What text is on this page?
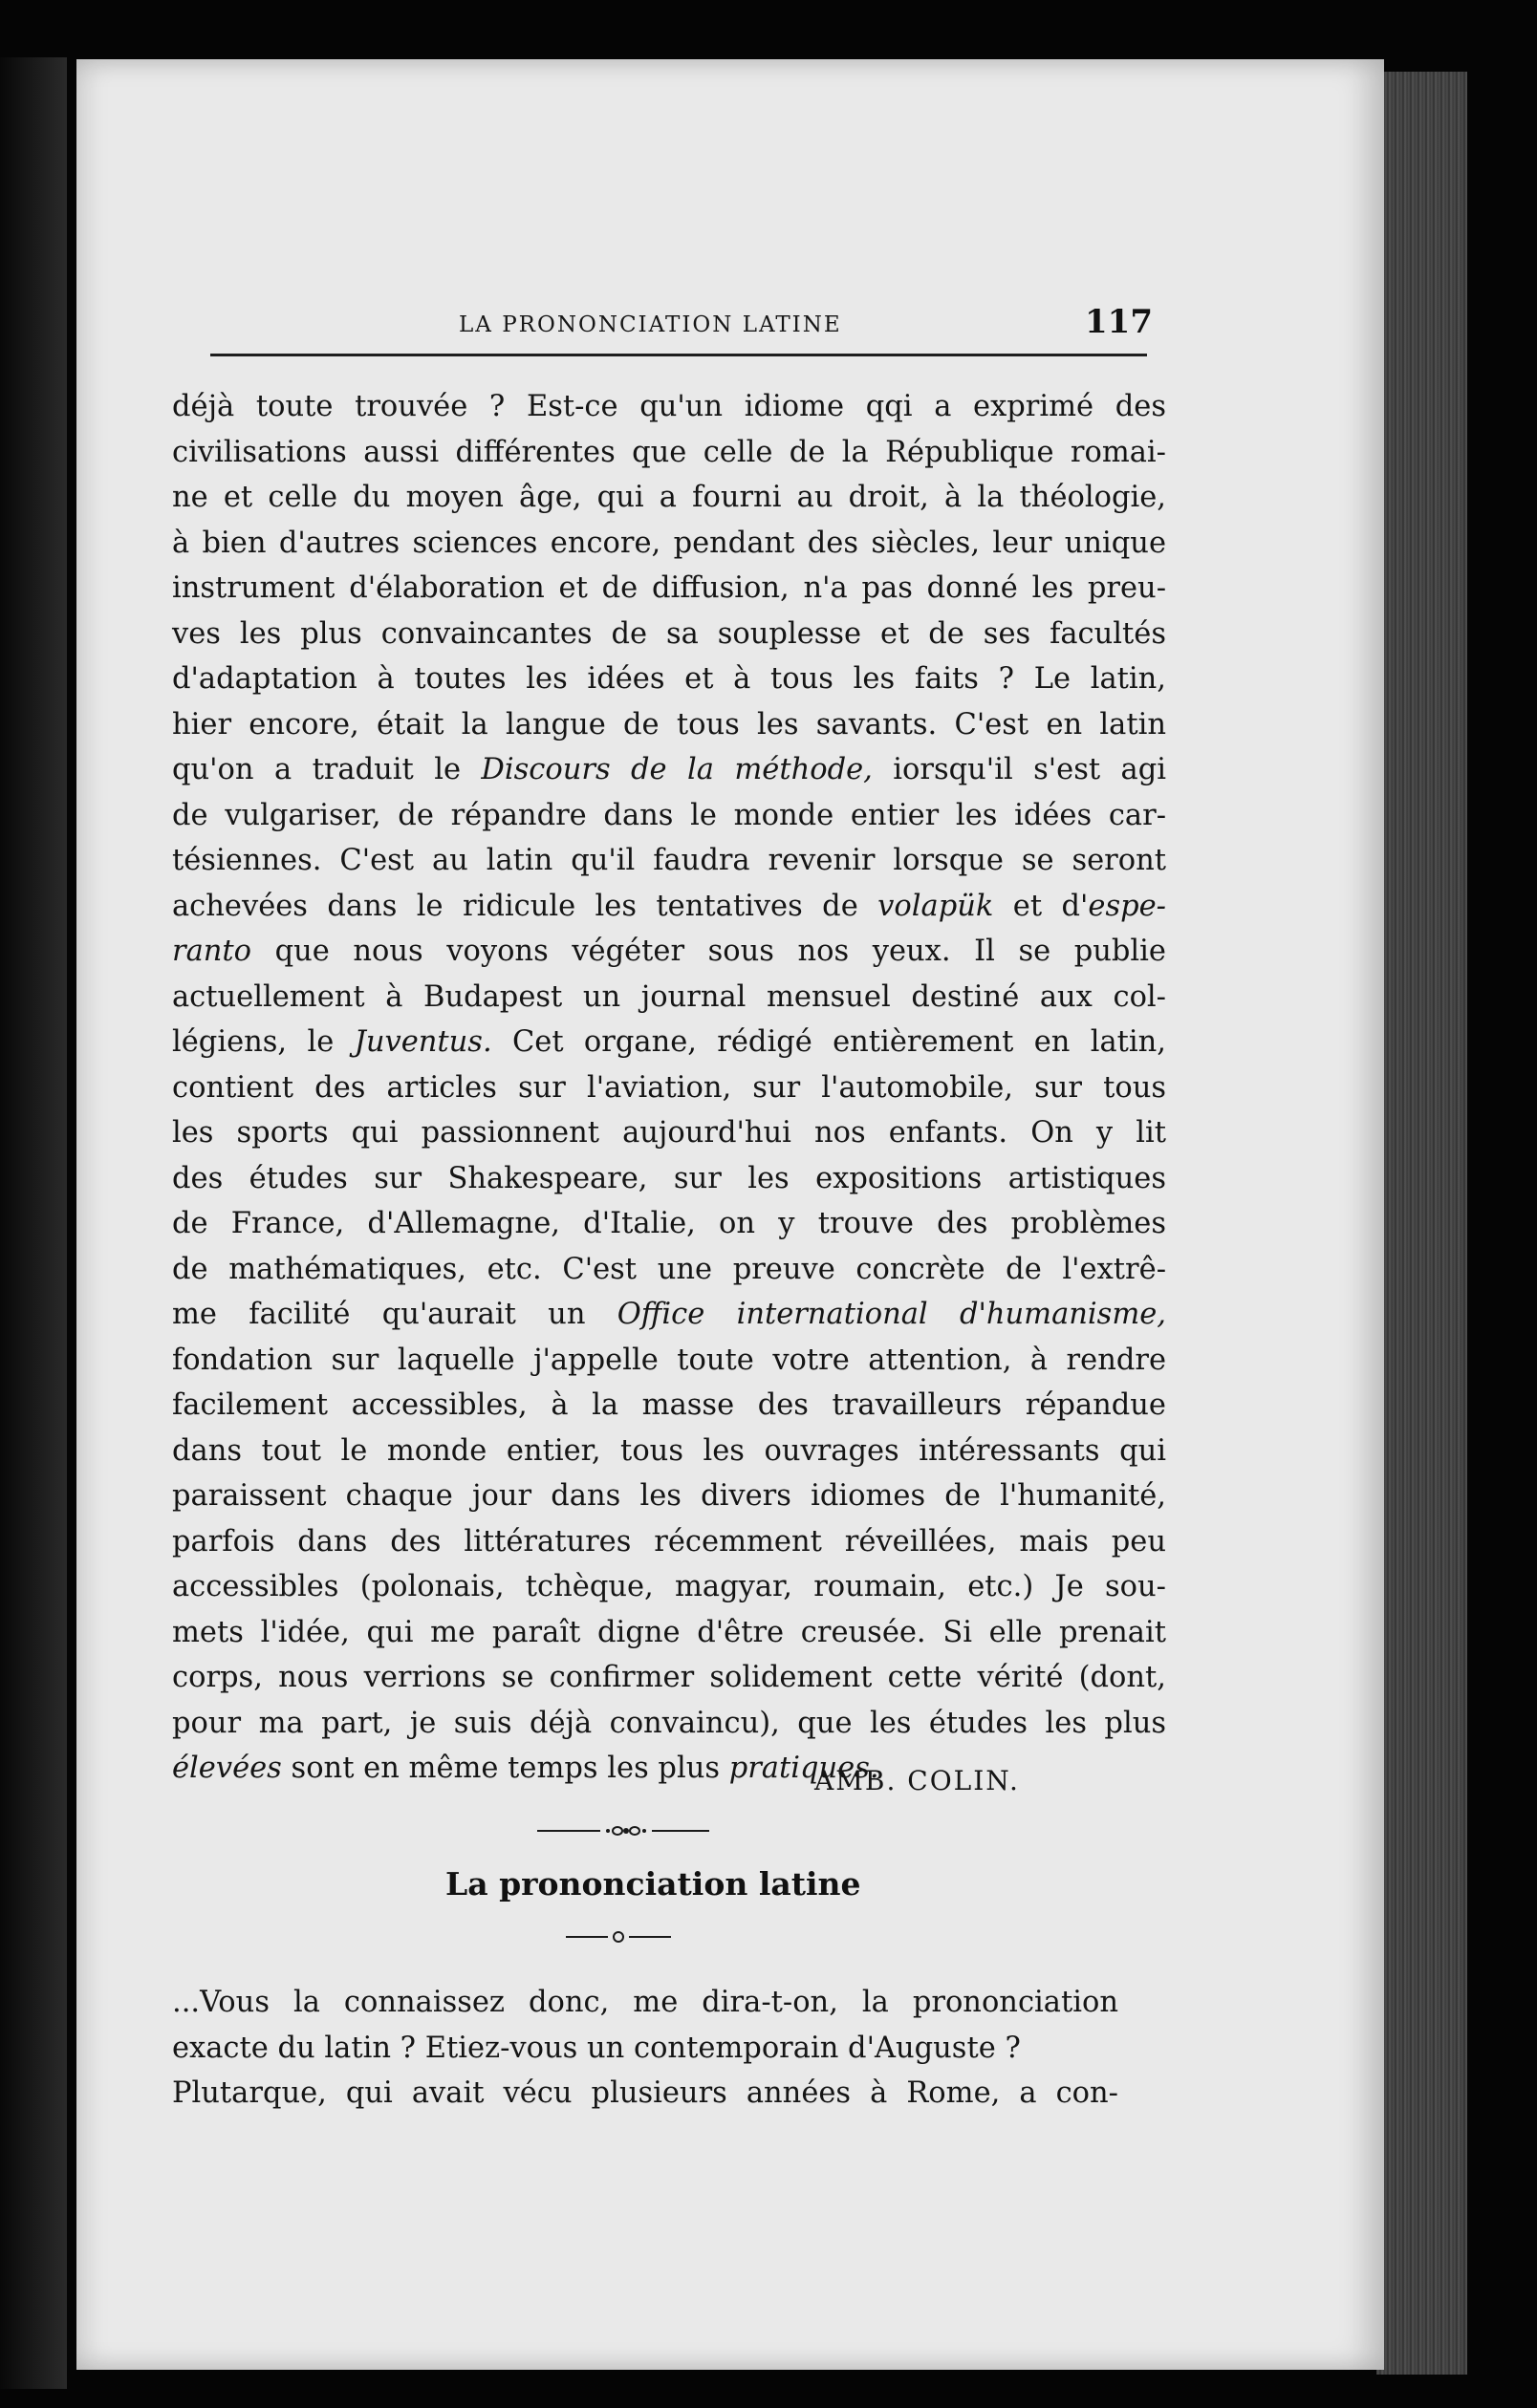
LA PRONONCIATION LATINE	117
déjà toute trouvée ? Est-ce qu'un idiome qqi a exprimé des
civilisations aussi différentes que celle de la République romai-
ne et celle du moyen âge, qui a fourni au droit, à la théologie,
à bien d'autres sciences encore, pendant des siècles, leur unique
instrument d'élaboration et de diffusion, n'a pas donné les preu-
ves les plus convaincantes de sa souplesse et de ses facultés
d'adaptation à toutes les idées et à tous les faits ? Le latin,
hier encore, était la langue de tous les savants. C'est en latin
qu'on a traduit le Discours de la méthode, iorsqu'il s'est agi
de vulgariser, de répandre dans le monde entier les idées car-
tésiennes. C'est au latin qu'il faudra revenir lorsque se seront
achevées dans le ridicule les tentatives de volapük et d'espe-
ranto que nous voyons végéter sous nos yeux. Il se publie
actuellement à Budapest un journal mensuel destiné aux col-
légiens, le Juventus. Cet organe, rédigé entièrement en latin,
contient des articles sur l'aviation, sur l'automobile, sur tous
les sports qui passionnent aujourd'hui nos enfants. On y lit
des études sur Shakespeare, sur les expositions artistiques
de France, d'Allemagne, d'Italie, on y trouve des problèmes
de mathématiques, etc. C'est une preuve concrète de l'extrê-
me facilité qu'aurait un Office international d'humanisme,
fondation sur laquelle j'appelle toute votre attention, à rendre
facilement accessibles, à la masse des travailleurs répandue
dans tout le monde entier, tous les ouvrages intéressants qui
paraissent chaque jour dans les divers idiomes de l'humanité,
parfois dans des littératures récemment réveillées, mais peu
accessibles (polonais, tchèque, magyar, roumain, etc.) Je sou-
mets l'idée, qui me paraît digne d'être creusée. Si elle prenait
corps, nous verrions se confirmer solidement cette vérité (dont,
pour ma part, je suis déjà convaincu), que les études les plus
élevées sont en même temps les plus pratiques.
AMB. COLIN.
La prononciation latine
...Vous la connaissez donc, me dira-t-on, la prononciation
exacte du latin ? Etiez-vous un contemporain d'Auguste ?
Plutarque, qui avait vécu plusieurs années à Rome, a con-
